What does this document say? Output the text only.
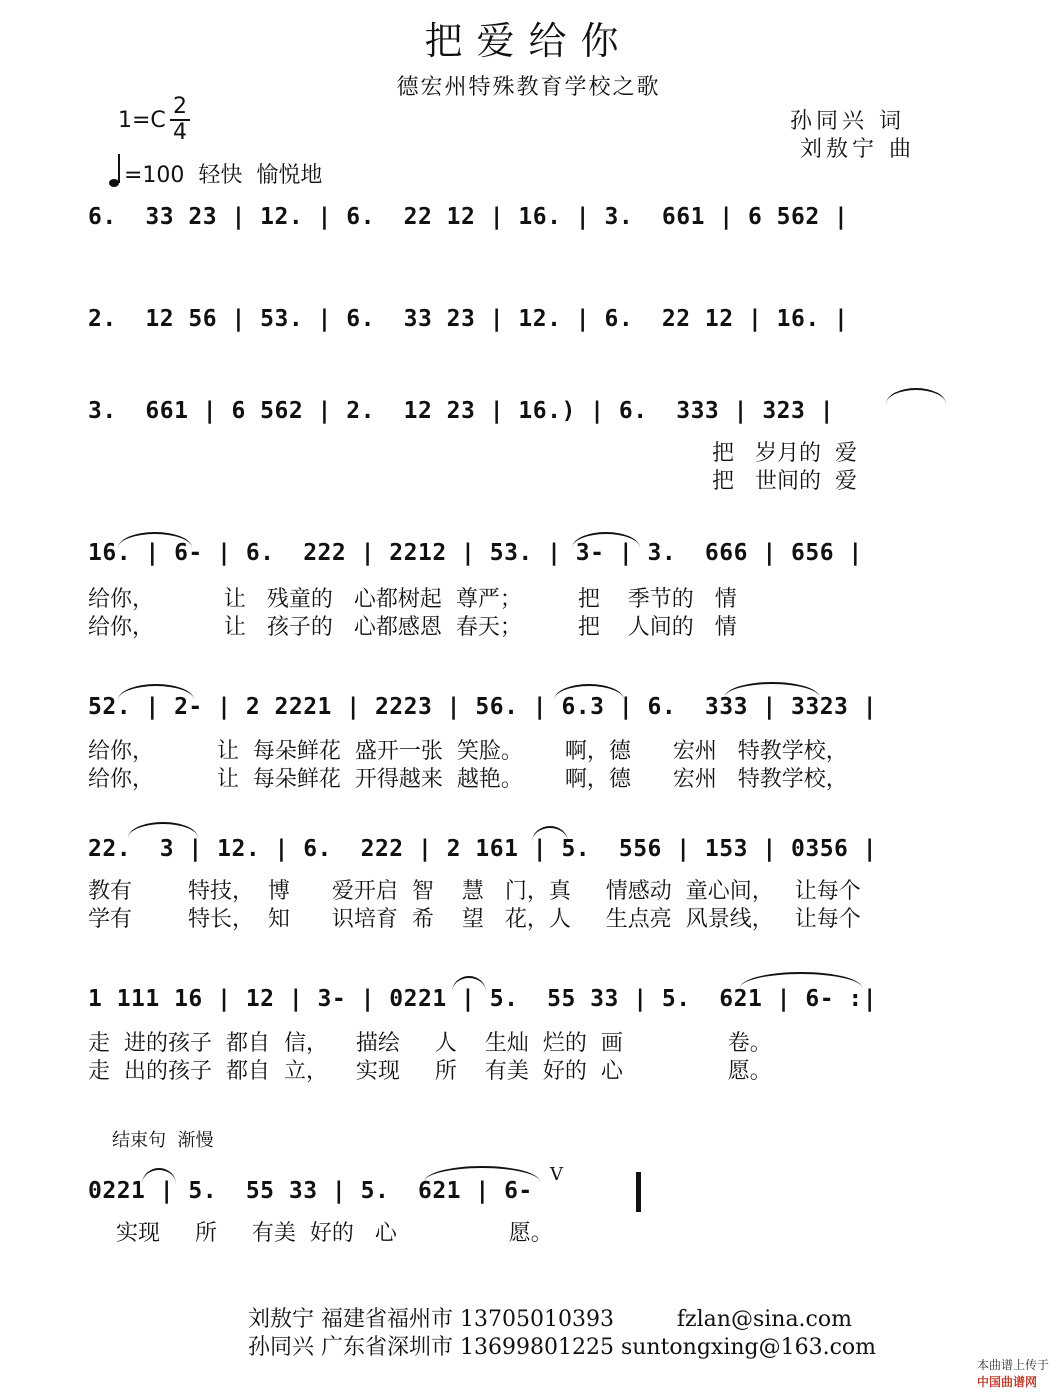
把爱给你
德宏州特殊教育学校之歌
孙同兴 词
刘敖宁 曲
1=C
2
4
=100  轻快  愉悦地
6.  33 23 | 12. | 6.  22 12 | 16. | 3.  661 | 6 562 |
2.  12 56 | 53. | 6.  33 23 | 12. | 6.  22 12 | 16. |
3.  661 | 6 562 | 2.  12 23 | 16.) | 6.  333 | 323 |
把   岁月的  爱
把   世间的  爱
16. | 6- | 6.  222 | 2212 | 53. | 3- | 3.  666 | 656 |
给你，          让   残童的   心都树起  尊严；        把    季节的   情
给你，          让   孩子的   心都感恩  春天；        把    人间的   情
52. | 2- | 2 2221 | 2223 | 56. | 6.3 | 6.  333 | 3323 |
给你，         让  每朵鲜花  盛开一张  笑脸。      啊，德      宏州   特教学校，
给你，         让  每朵鲜花  开得越来  越艳。      啊，德      宏州   特教学校，
22.  3 | 12. | 6.  222 | 2 161 | 5.  556 | 153 | 0356 |
教有        特技，  博      爱开启  智    慧   门，真     情感动  童心间，   让每个
学有        特长，  知      识培育  希    望   花，人     生点亮  风景线，   让每个
1 111 16 | 12 | 3- | 0221 | 5.  55 33 | 5.  621 | 6- :|
走  进的孩子  都自  信，    描绘     人    生灿  烂的  画               卷。
走  出的孩子  都自  立，    实现     所    有美  好的  心               愿。
结束句  渐慢
0221 | 5.  55 33 | 5.  621 | 6-
V
实现     所     有美  好的   心                愿。
刘敖宁 福建省福州市 13705010393         fzlan@sina.com
孙同兴 广东省深圳市 13699801225 suntongxing@163.com

本曲谱上传于
中国曲谱网
